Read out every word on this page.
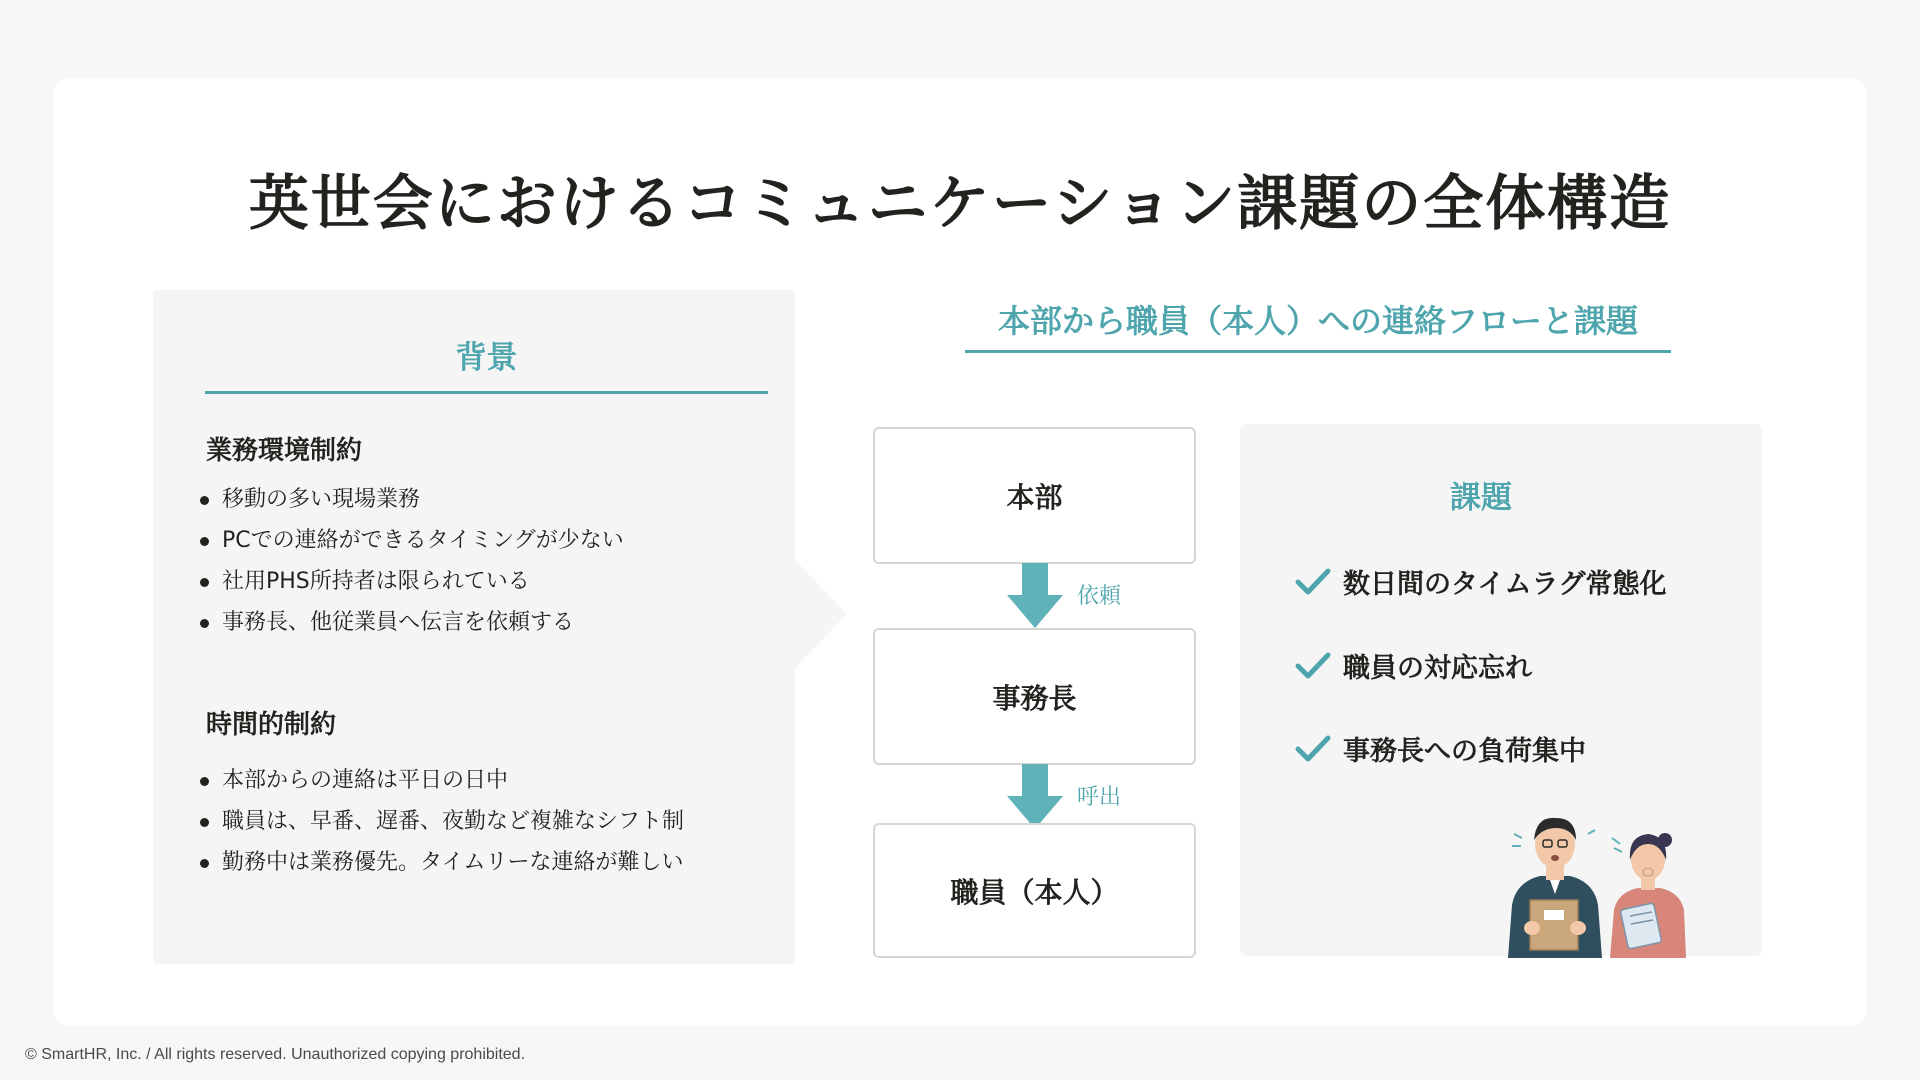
英世会におけるコミュニケーション課題の全体構造
背景
業務環境制約
移動の多い現場業務
PCでの連絡ができるタイミングが少ない
社用PHS所持者は限られている
事務長、他従業員へ伝言を依頼する
時間的制約
本部からの連絡は平日の日中
職員は、早番、遅番、夜勤など複雑なシフト制
勤務中は業務優先。タイムリーな連絡が難しい
本部から職員（本人）への連絡フローと課題
本部
依頼
事務長
呼出
職員（本人）
課題
数日間のタイムラグ常態化
職員の対応忘れ
事務長への負荷集中
© SmartHR, Inc. / All rights reserved. Unauthorized copying prohibited.
